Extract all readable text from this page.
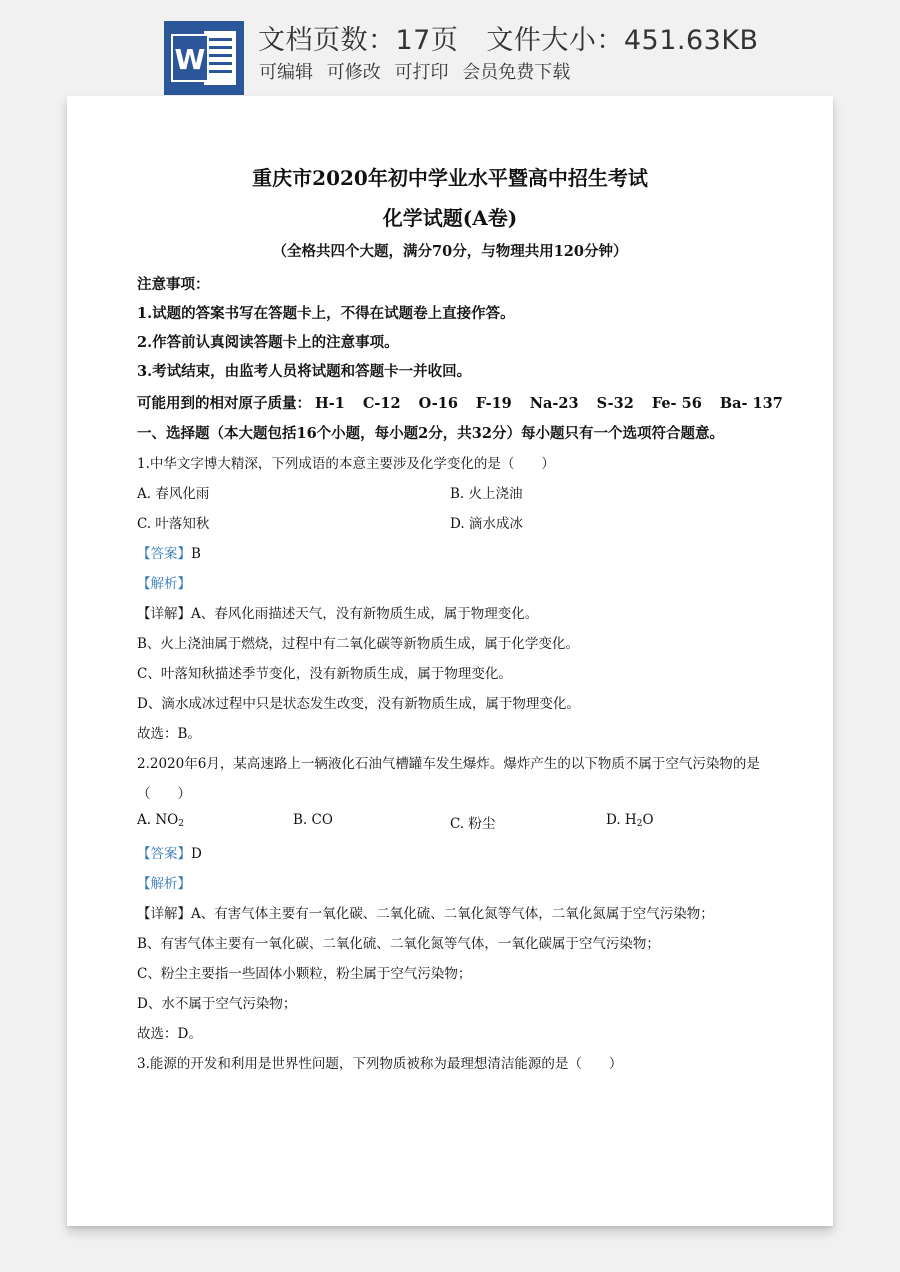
W
文档页数：17页 文件大小：451.63KB
可编辑 可修改 可打印 会员免费下载
重庆市2020年初中学业水平暨高中招生考试
化学试题(A卷)
（全格共四个大题，满分70分，与物理共用120分钟）
注意事项：
1.试题的答案书写在答题卡上，不得在试题卷上直接作答。
2.作答前认真阅读答题卡上的注意事项。
3.考试结束，由监考人员将试题和答题卡一并收回。
可能用到的相对原子质量： H-1 C-12 O-16 F-19 Na-23 S-32 Fe- 56 Ba- 137
一、选择题（本大题包括16个小题，每小题2分，共32分）每小题只有一个选项符合题意。
1.中华文字博大精深，下列成语的本意主要涉及化学变化的是（　　）
A. 春风化雨	B. 火上浇油
C. 叶落知秋	D. 滴水成冰
【答案】B
【解析】
【详解】A、春风化雨描述天气，没有新物质生成，属于物理变化。
B、火上浇油属于燃烧，过程中有二氧化碳等新物质生成，属于化学变化。
C、叶落知秋描述季节变化，没有新物质生成，属于物理变化。
D、滴水成冰过程中只是状态发生改变，没有新物质生成，属于物理变化。
故选：B。
2.2020年6月，某高速路上一辆液化石油气槽罐车发生爆炸。爆炸产生的以下物质不属于空气污染物的是
（　　）
A. $NO_2$	B. CO	C. 粉尘	D. $H_2O$
【答案】D
【解析】
【详解】A、有害气体主要有一氧化碳、二氧化硫、二氧化氮等气体，二氧化氮属于空气污染物；
B、有害气体主要有一氧化碳、二氧化硫、二氧化氮等气体，一氧化碳属于空气污染物；
C、粉尘主要指一些固体小颗粒，粉尘属于空气污染物；
D、水不属于空气污染物；
故选：D。
3.能源的开发和利用是世界性问题，下列物质被称为最理想清洁能源的是（　　）
